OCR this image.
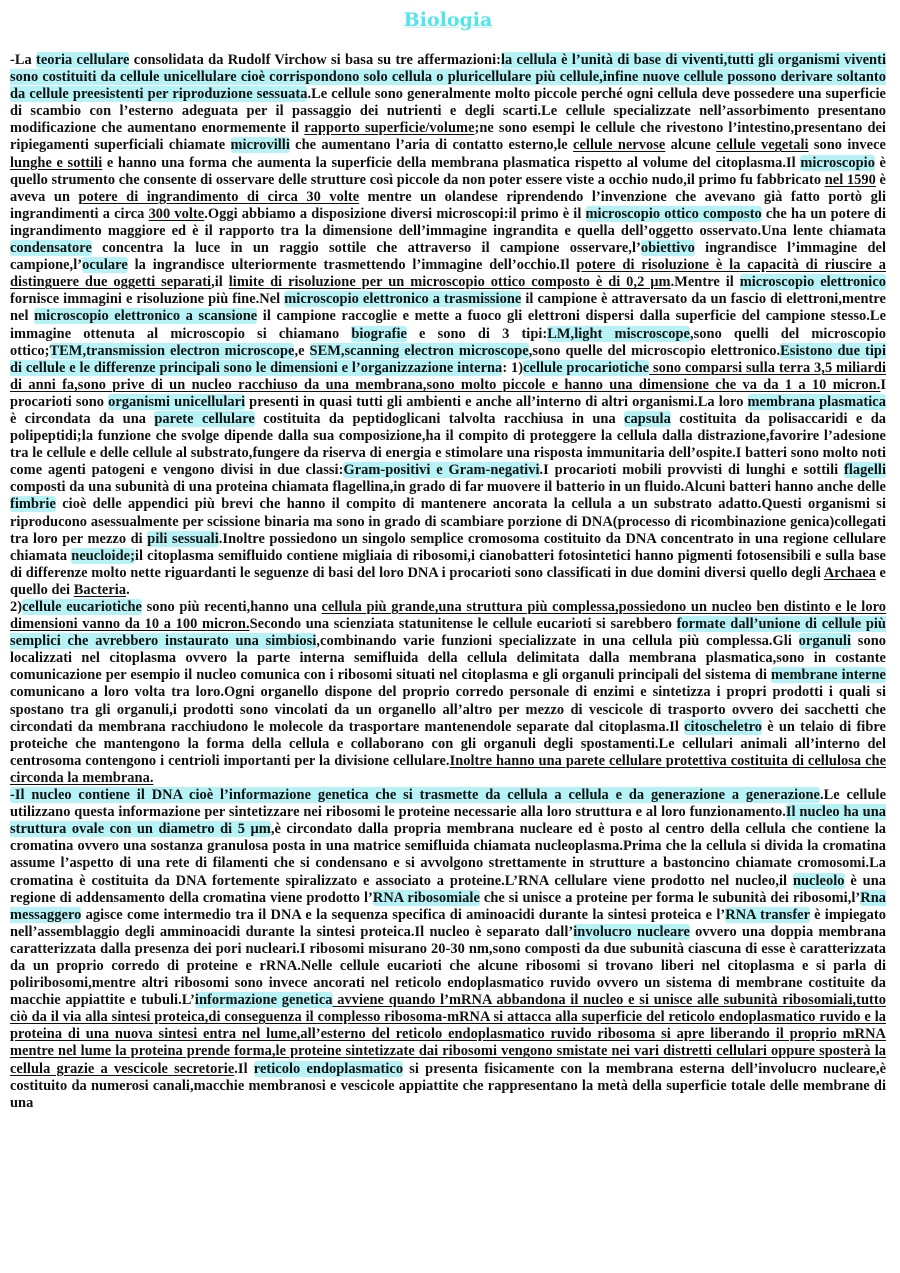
Biologia

-La teoria cellulare consolidata da Rudolf Virchow si basa su tre affermazioni:la cellula è l’unità di base di viventi,tutti gli organismi viventi sono costituiti da cellule unicellulare cioè corrispondono solo cellula o pluricellulare più cellule,infine nuove cellule possono derivare soltanto da cellule preesistenti per riproduzione sessuata.Le cellule sono generalmente molto piccole perché ogni cellula deve possedere una superficie di scambio con l’esterno adeguata per il passaggio dei nutrienti e degli scarti.Le cellule specializzate nell’assorbimento presentano modificazione che aumentano enormemente il rapporto superficie/volume;ne sono esempi le cellule che rivestono l’intestino,presentano dei ripiegamenti superficiali chiamate microvilli che aumentano l’aria di contatto esterno,le cellule nervose alcune cellule vegetali sono invece lunghe e sottili e hanno una forma che aumenta la superficie della membrana plasmatica rispetto al volume del citoplasma.Il microscopio è quello strumento che consente di osservare delle strutture così piccole da non poter essere viste a occhio nudo,il primo fu fabbricato nel 1590 è aveva un potere di ingrandimento di circa 30 volte mentre un olandese riprendendo l’invenzione che avevano già fatto portò gli ingrandimenti a circa 300 volte.Oggi abbiamo a disposizione diversi microscopi:il primo è il microscopio ottico composto che ha un potere di ingrandimento maggiore ed è il rapporto tra la dimensione dell’immagine ingrandita e quella dell’oggetto osservato.Una lente chiamata condensatore concentra la luce in un raggio sottile che attraverso il campione osservare,l’obiettivo ingrandisce l’immagine del campione,l’oculare la ingrandisce ulteriormente trasmettendo l’immagine dell’occhio.Il potere di risoluzione è la capacità di riuscire a distinguere due oggetti separati,il limite di risoluzione per un microscopio ottico composto è di 0,2 µm.Mentre il microscopio elettronico fornisce immagini e risoluzione più fine.Nel microscopio elettronico a trasmissione il campione è attraversato da un fascio di elettroni,mentre nel microscopio elettronico a scansione il campione raccoglie e mette a fuoco gli elettroni dispersi dalla superficie del campione stesso.Le immagine ottenuta al microscopio si chiamano biografie e sono di 3 tipi:LM,light miscroscope,sono quelli del microscopio ottico;TEM,transmission electron microscope,e SEM,scanning electron microscope,sono quelle del microscopio elettronico.Esistono due tipi di cellule e le differenze principali sono le dimensioni e l’organizzazione interna: 1)cellule procariotiche sono comparsi sulla terra 3,5 miliardi di anni fa,sono prive di un nucleo racchiuso da una membrana,sono molto piccole e hanno una dimensione che va da 1 a 10 micron.I procarioti sono organismi unicellulari presenti in quasi tutti gli ambienti e anche all’interno di altri organismi.La loro membrana plasmatica è circondata da una parete cellulare costituita da peptidoglicani talvolta racchiusa in una capsula costituita da polisaccaridi e da polipeptidi;la funzione che svolge dipende dalla sua composizione,ha il compito di proteggere la cellula dalla distrazione,favorire l’adesione tra le cellule e delle cellule al substrato,fungere da riserva di energia e stimolare una risposta immunitaria dell’ospite.I batteri sono molto noti come agenti patogeni e vengono divisi in due classi:Gram-positivi e Gram-negativi.I procarioti mobili provvisti di lunghi e sottili flagelli composti da una subunità di una proteina chiamata flagellina,in grado di far muovere il batterio in un fluido.Alcuni batteri hanno anche delle fimbrie cioè delle appendici più brevi che hanno il compito di mantenere ancorata la cellula a un substrato adatto.Questi organismi si riproducono asessualmente per scissione binaria ma sono in grado di scambiare porzione di DNA(processo di ricombinazione genica)collegati tra loro per mezzo di pili sessuali.Inoltre possiedono un singolo semplice cromosoma costituito da DNA concentrato in una regione cellulare chiamata neucloide;il citoplasma semifluido contiene migliaia di ribosomi,i cianobatteri fotosintetici hanno pigmenti fotosensibili e sulla base di differenze molto nette riguardanti le seguenze di basi del loro DNA i procarioti sono classificati in due domini diversi quello degli Archaea e quello dei Bacteria.

2)cellule eucariotiche sono più recenti,hanno una cellula più grande,una struttura più complessa,possiedono un nucleo ben distinto e le loro dimensioni vanno da 10 a 100 micron.Secondo una scienziata statunitense le cellule eucarioti si sarebbero formate dall’unione di cellule più semplici che avrebbero instaurato una simbiosi,combinando varie funzioni specializzate in una cellula più complessa.Gli organuli sono localizzati nel citoplasma ovvero la parte interna semifluida della cellula delimitata dalla membrana plasmatica,sono in costante comunicazione per esempio il nucleo comunica con i ribosomi situati nel citoplasma e gli organuli principali del sistema di membrane interne comunicano a loro volta tra loro.Ogni organello dispone del proprio corredo personale di enzimi e sintetizza i propri prodotti i quali si spostano tra gli organuli,i prodotti sono vincolati da un organello all’altro per mezzo di vescicole di trasporto ovvero dei sacchetti che circondati da membrana racchiudono le molecole da trasportare mantenendole separate dal citoplasma.Il citoscheletro è un telaio di fibre proteiche che mantengono la forma della cellula e collaborano con gli organuli degli spostamenti.Le cellulari animali all’interno del centrosoma contengono i centrioli importanti per la divisione cellulare.Inoltre hanno una parete cellulare protettiva costituita di cellulosa che circonda la membrana.

-Il nucleo contiene il DNA cioè l’informazione genetica che si trasmette da cellula a cellula e da generazione a generazione.Le cellule utilizzano questa informazione per sintetizzare nei ribosomi le proteine necessarie alla loro struttura e al loro funzionamento.Il nucleo ha una struttura ovale con un diametro di 5 µm,è circondato dalla propria membrana nucleare ed è posto al centro della cellula che contiene la cromatina ovvero una sostanza granulosa posta in una matrice semifluida chiamata nucleoplasma.Prima che la cellula si divida la cromatina assume l’aspetto di una rete di filamenti che si condensano e si avvolgono strettamente in strutture a bastoncino chiamate cromosomi.La cromatina è costituita da DNA fortemente spiralizzato e associato a proteine.L’RNA cellulare viene prodotto nel nucleo,il nucleolo è una regione di addensamento della cromatina viene prodotto l’RNA ribosomiale che si unisce a proteine per forma le subunità dei ribosomi,l’Rna messaggero agisce come intermedio tra il DNA e la sequenza specifica di aminoacidi durante la sintesi proteica e l’RNA transfer è impiegato nell’assemblaggio degli amminoacidi durante la sintesi proteica.Il nucleo è separato dall’involucro nucleare ovvero una doppia membrana caratterizzata dalla presenza dei pori nucleari.I ribosomi misurano 20-30 nm,sono composti da due subunità ciascuna di esse è caratterizzata da un proprio corredo di proteine e rRNA.Nelle cellule eucarioti che alcune ribosomi si trovano liberi nel citoplasma e si parla di poliribosomi,mentre altri ribosomi sono invece ancorati nel reticolo endoplasmatico ruvido ovvero un sistema di membrane costituite da macchie appiattite e tubuli.L’informazione genetica avviene quando l’mRNA abbandona il nucleo e si unisce alle subunità ribosomiali,tutto ciò da il via alla sintesi proteica,di conseguenza il complesso ribosoma-mRNA si attacca alla superficie del reticolo endoplasmatico ruvido e la proteina di una nuova sintesi entra nel lume,all’esterno del reticolo endoplasmatico ruvido ribosoma si apre liberando il proprio mRNA mentre nel lume la proteina prende forma,le proteine sintetizzate dai ribosomi vengono smistate nei vari distretti cellulari oppure sposterà la cellula grazie a vescicole secretorie.Il reticolo endoplasmatico si presenta fisicamente con la membrana esterna dell’involucro nucleare,è costituito da numerosi canali,macchie membranosi e vescicole appiattite che rappresentano la metà della superficie totale delle membrane di una
